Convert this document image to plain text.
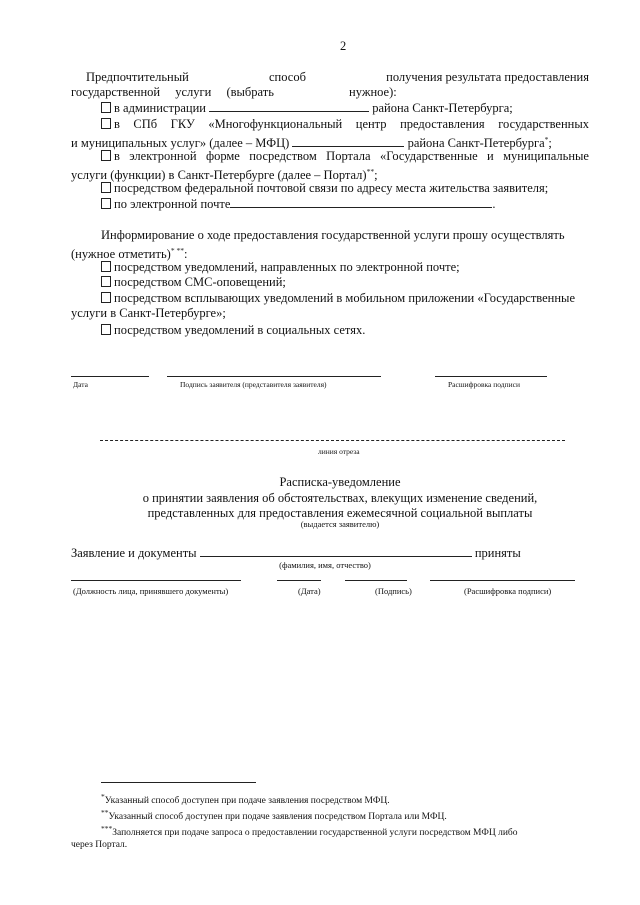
2
Предпочтительный	способ	получения результата предоставления
государственной услуги (выбрать	нужное):
в администрации	района Санкт-Петербурга;
в СПб ГКУ «Многофункциональный центр предоставления государственных
и муниципальных услуг» (далее – МФЦ)	района Санкт-Петербурга*;
в электронной форме посредством Портала «Государственные и муниципальные
услуги (функции) в Санкт-Петербурге (далее – Портал)**;
посредством федеральной почтовой связи по адресу места жительства заявителя;
по электронной почте	.
Информирование о ходе предоставления государственной услуги прошу осуществлять
(нужное отметить)* **:
посредством уведомлений, направленных по электронной почте;
посредством СМС-оповещений;
посредством всплывающих уведомлений в мобильном приложении «Государственные
услуги в Санкт-Петербурге»;
посредством уведомлений в социальных сетях.
Дата	Подпись заявителя (представителя заявителя)	Расшифровка подписи
линия отреза
Расписка-уведомление
о принятии заявления об обстоятельствах, влекущих изменение сведений,
представленных для предоставления ежемесячной социальной выплаты
(выдается заявителю)
Заявление и документы	приняты
(фамилия, имя, отчество)
(Должность лица, принявшего документы)	(Дата)	(Подпись)	(Расшифровка подписи)
*Указанный способ доступен при подаче заявления посредством МФЦ.
**Указанный способ доступен при подаче заявления посредством Портала или МФЦ.
***Заполняется при подаче запроса о предоставлении государственной услуги посредством МФЦ либо
через Портал.
